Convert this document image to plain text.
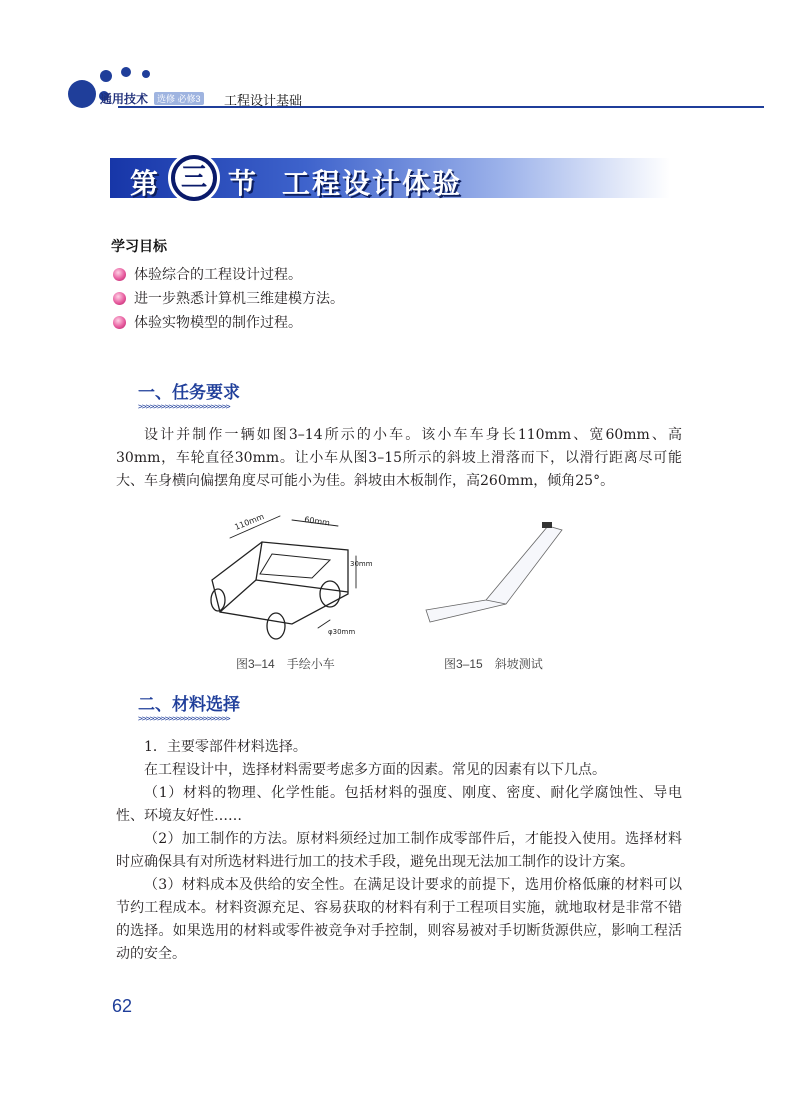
通用技术 选修 必修3 工程设计基础
第 三 节 工程设计体验
学习目标
体验综合的工程设计过程。
进一步熟悉计算机三维建模方法。
体验实物模型的制作过程。
一、任务要求
>>>>>>>>>>>>>>>>>>>>>>>>

设计并制作一辆如图3–14所示的小车。该小车车身长110mm、宽60mm、高30mm，车轮直径30mm。让小车从图3–15所示的斜坡上滑落而下，以滑行距离尽可能大、车身横向偏摆角度尽可能小为佳。斜坡由木板制作，高260mm，倾角25°。

110mm	60mm
30mm
φ30mm
图3–14　手绘小车	图3–15　斜坡测试
二、材料选择
>>>>>>>>>>>>>>>>>>>>>>>>

1．主要零部件材料选择。

在工程设计中，选择材料需要考虑多方面的因素。常见的因素有以下几点。

（1）材料的物理、化学性能。包括材料的强度、刚度、密度、耐化学腐蚀性、导电性、环境友好性……

（2）加工制作的方法。原材料须经过加工制作成零部件后，才能投入使用。选择材料时应确保具有对所选材料进行加工的技术手段，避免出现无法加工制作的设计方案。

（3）材料成本及供给的安全性。在满足设计要求的前提下，选用价格低廉的材料可以节约工程成本。材料资源充足、容易获取的材料有利于工程项目实施，就地取材是非常不错的选择。如果选用的材料或零件被竞争对手控制，则容易被对手切断货源供应，影响工程活动的安全。

62
